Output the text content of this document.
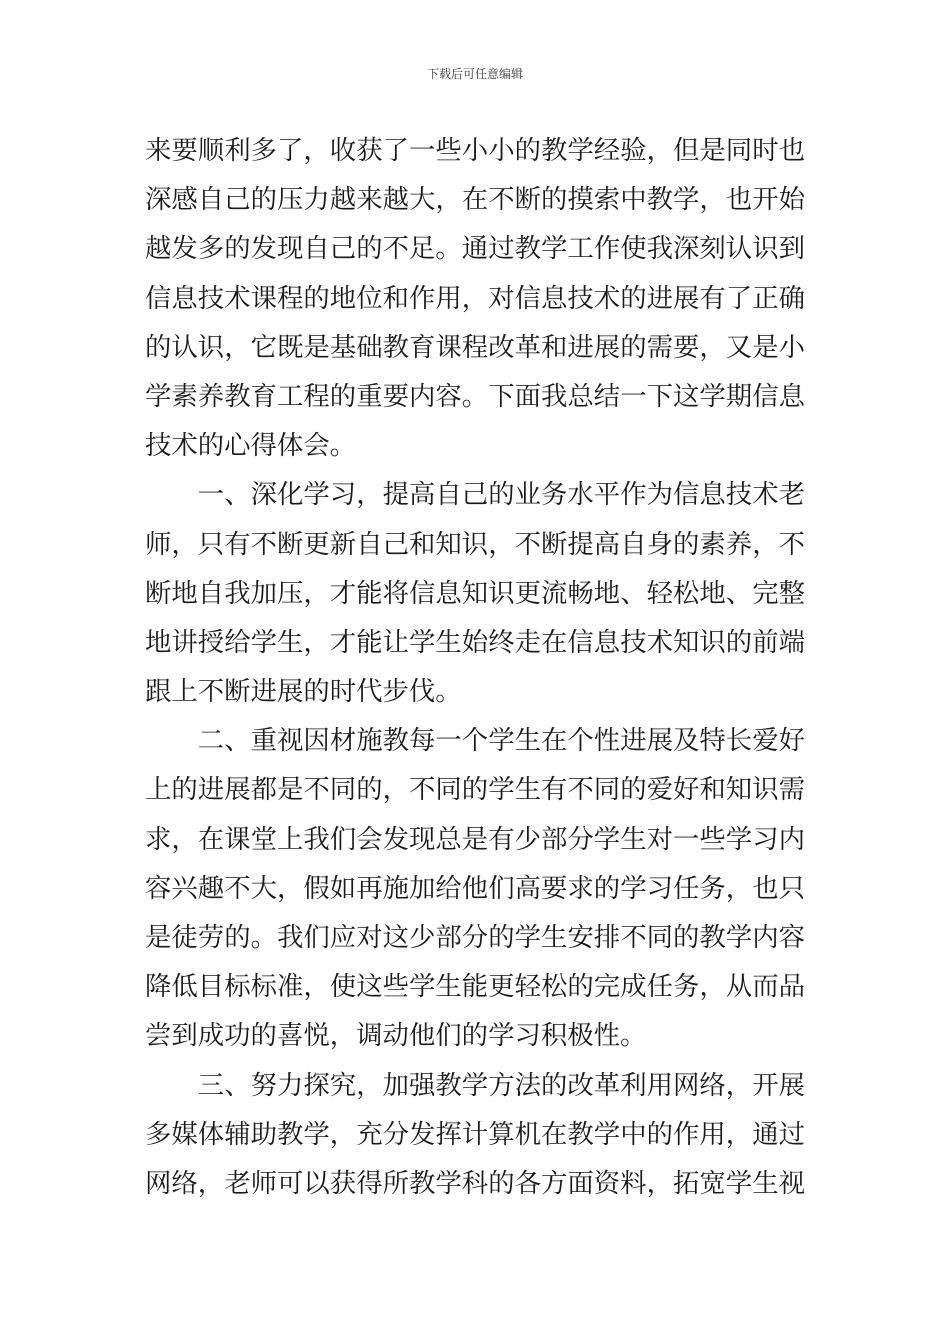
下载后可任意编辑
来要顺利多了，收获了一些小小的教学经验，但是同时也
深感自己的压力越来越大，在不断的摸索中教学，也开始
越发多的发现自己的不足。通过教学工作使我深刻认识到
信息技术课程的地位和作用，对信息技术的进展有了正确
的认识，它既是基础教育课程改革和进展的需要，又是小
学素养教育工程的重要内容。下面我总结一下这学期信息
技术的心得体会。
一、深化学习，提高自己的业务水平作为信息技术老
师，只有不断更新自己和知识，不断提高自身的素养，不
断地自我加压，才能将信息知识更流畅地、轻松地、完整
地讲授给学生，才能让学生始终走在信息技术知识的前端
跟上不断进展的时代步伐。
二、重视因材施教每一个学生在个性进展及特长爱好
上的进展都是不同的，不同的学生有不同的爱好和知识需
求，在课堂上我们会发现总是有少部分学生对一些学习内
容兴趣不大，假如再施加给他们高要求的学习任务，也只
是徒劳的。我们应对这少部分的学生安排不同的教学内容
降低目标标准，使这些学生能更轻松的完成任务，从而品
尝到成功的喜悦，调动他们的学习积极性。
三、努力探究，加强教学方法的改革利用网络，开展
多媒体辅助教学，充分发挥计算机在教学中的作用，通过
网络，老师可以获得所教学科的各方面资料，拓宽学生视
